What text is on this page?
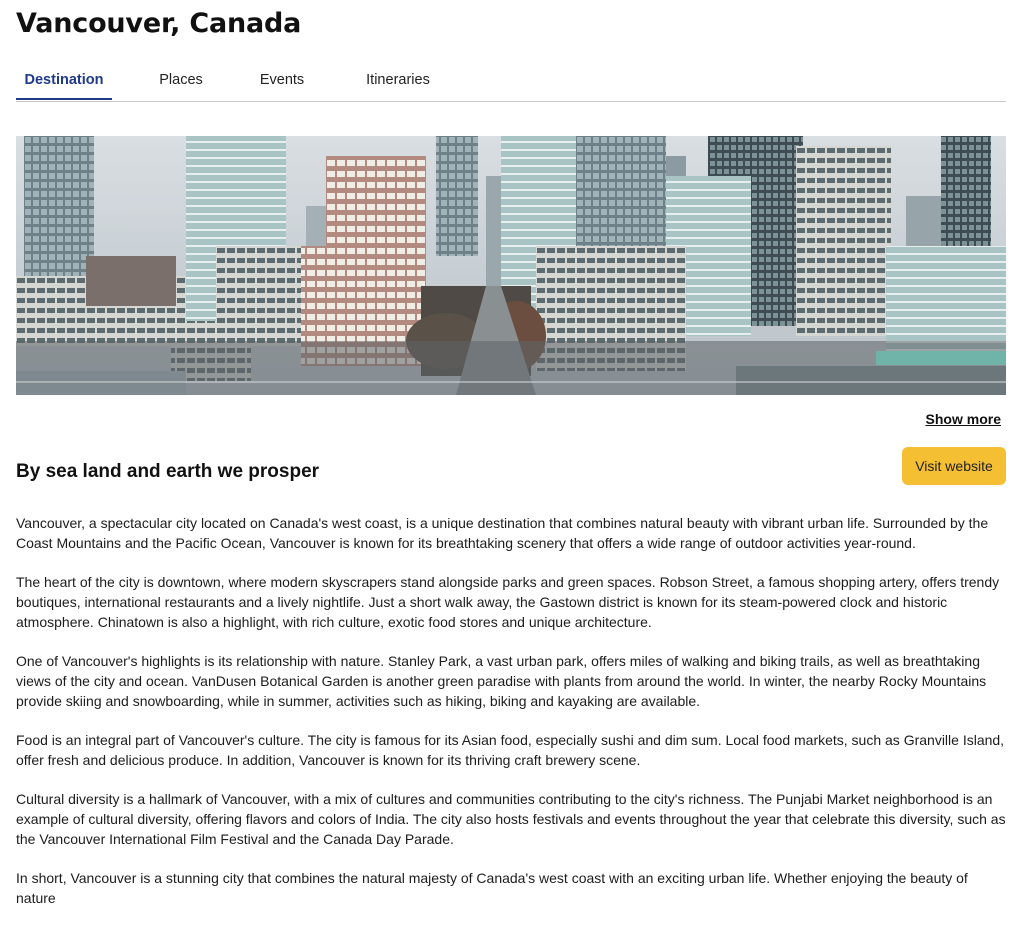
Vancouver, Canada
Destination	Places	Events	Itineraries
Show more
By sea land and earth we prosper	Visit website

Vancouver, a spectacular city located on Canada's west coast, is a unique destination that combines natural beauty with vibrant urban life. Surrounded by the Coast Mountains and the Pacific Ocean, Vancouver is known for its breathtaking scenery that offers a wide range of outdoor activities year-round.

The heart of the city is downtown, where modern skyscrapers stand alongside parks and green spaces. Robson Street, a famous shopping artery, offers trendy boutiques, international restaurants and a lively nightlife. Just a short walk away, the Gastown district is known for its steam-powered clock and historic atmosphere. Chinatown is also a highlight, with rich culture, exotic food stores and unique architecture.

One of Vancouver's highlights is its relationship with nature. Stanley Park, a vast urban park, offers miles of walking and biking trails, as well as breathtaking views of the city and ocean. VanDusen Botanical Garden is another green paradise with plants from around the world. In winter, the nearby Rocky Mountains provide skiing and snowboarding, while in summer, activities such as hiking, biking and kayaking are available.

Food is an integral part of Vancouver's culture. The city is famous for its Asian food, especially sushi and dim sum. Local food markets, such as Granville Island, offer fresh and delicious produce. In addition, Vancouver is known for its thriving craft brewery scene.

Cultural diversity is a hallmark of Vancouver, with a mix of cultures and communities contributing to the city's richness. The Punjabi Market neighborhood is an example of cultural diversity, offering flavors and colors of India. The city also hosts festivals and events throughout the year that celebrate this diversity, such as the Vancouver International Film Festival and the Canada Day Parade.

In short, Vancouver is a stunning city that combines the natural majesty of Canada's west coast with an exciting urban life. Whether enjoying the beauty of nature
